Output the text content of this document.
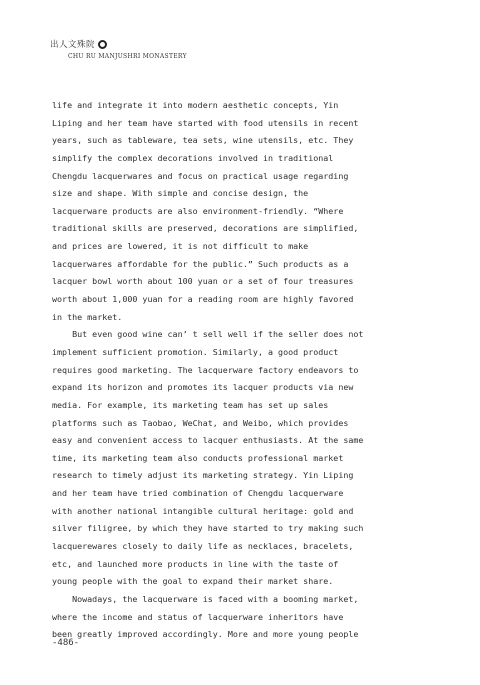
出人文殊院
CHU RU MANJUSHRI MONASTERY
life and integrate it into modern aesthetic concepts, Yin
Liping and her team have started with food utensils in recent
years, such as tableware, tea sets, wine utensils, etc. They
simplify the complex decorations involved in traditional
Chengdu lacquerwares and focus on practical usage regarding
size and shape. With simple and concise design, the
lacquerware products are also environment-friendly. “Where
traditional skills are preserved, decorations are simplified,
and prices are lowered, it is not difficult to make
lacquerwares affordable for the public.” Such products as a
lacquer bowl worth about 100 yuan or a set of four treasures
worth about 1,000 yuan for a reading room are highly favored
in the market.
But even good wine can’ t sell well if the seller does not
implement sufficient promotion. Similarly, a good product
requires good marketing. The lacquerware factory endeavors to
expand its horizon and promotes its lacquer products via new
media. For example, its marketing team has set up sales
platforms such as Taobao, WeChat, and Weibo, which provides
easy and convenient access to lacquer enthusiasts. At the same
time, its marketing team also conducts professional market
research to timely adjust its marketing strategy. Yin Liping
and her team have tried combination of Chengdu lacquerware
with another national intangible cultural heritage: gold and
silver filigree, by which they have started to try making such
lacquerewares closely to daily life as necklaces, bracelets,
etc, and launched more products in line with the taste of
young people with the goal to expand their market share.
Nowadays, the lacquerware is faced with a booming market,
where the income and status of lacquerware inheritors have
been greatly improved accordingly. More and more young people
-486-
